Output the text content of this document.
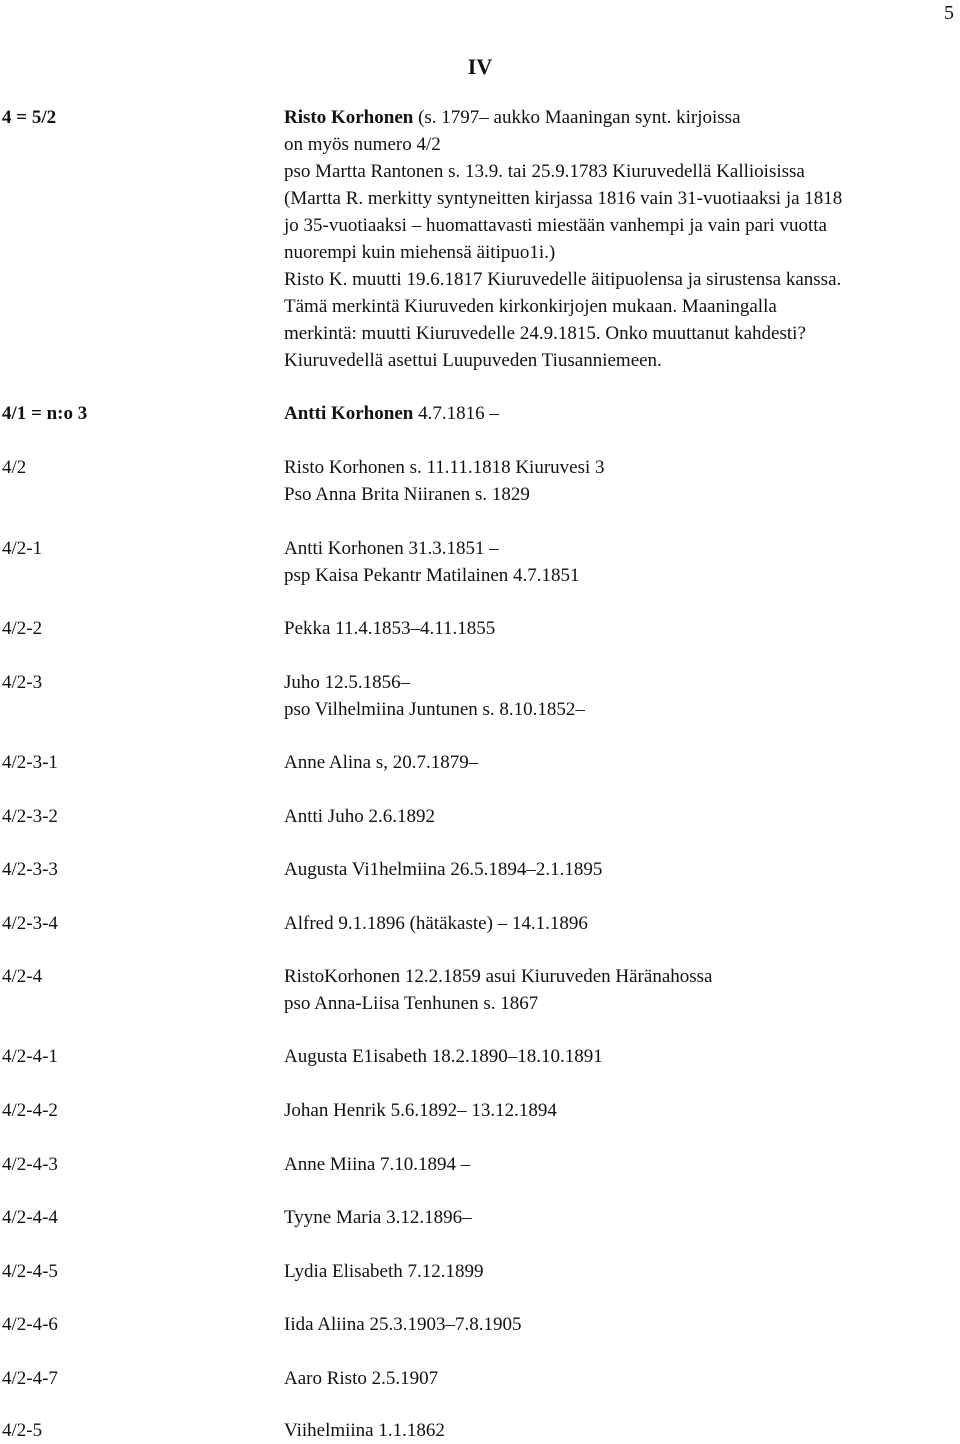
5
IV
4 = 5/2	Risto Korhonen (s. 1797– aukko Maaningan synt. kirjoissa
on myös numero 4/2
pso Martta Rantonen s. 13.9. tai 25.9.1783 Kiuruvedellä Kallioisissa
(Martta R. merkitty syntyneitten kirjassa 1816 vain 31-vuotiaaksi ja 1818
jo 35-vuotiaaksi – huomattavasti miestään vanhempi ja vain pari vuotta
nuorempi kuin miehensä äitipuo1i.)
Risto K. muutti 19.6.1817 Kiuruvedelle äitipuolensa ja sirustensa kanssa.
Tämä merkintä Kiuruveden kirkonkirjojen mukaan. Maaningalla
merkintä: muutti Kiuruvedelle 24.9.1815. Onko muuttanut kahdesti?
Kiuruvedellä asettui Luupuveden Tiusanniemeen.
4/1 = n:o 3	Antti Korhonen 4.7.1816 –
4/2	Risto Korhonen s. 11.11.1818 Kiuruvesi 3
Pso Anna Brita Niiranen s. 1829
4/2-1	Antti Korhonen 31.3.1851 –
psp Kaisa Pekantr Matilainen 4.7.1851
4/2-2	Pekka 11.4.1853–4.11.1855
4/2-3	Juho 12.5.1856–
pso Vilhelmiina Juntunen s. 8.10.1852–
4/2-3-1	Anne Alina s, 20.7.1879–
4/2-3-2	Antti Juho 2.6.1892
4/2-3-3	Augusta Vi1helmiina 26.5.1894–2.1.1895
4/2-3-4	Alfred 9.1.1896 (hätäkaste) – 14.1.1896
4/2-4	RistoKorhonen 12.2.1859 asui Kiuruveden Häränahossa
pso Anna-Liisa Tenhunen s. 1867
4/2-4-1	Augusta E1isabeth 18.2.1890–18.10.1891
4/2-4-2	Johan Henrik 5.6.1892– 13.12.1894
4/2-4-3	Anne Miina 7.10.1894 –
4/2-4-4	Tyyne Maria 3.12.1896–
4/2-4-5	Lydia Elisabeth 7.12.1899
4/2-4-6	Iida Aliina 25.3.1903–7.8.1905
4/2-4-7	Aaro Risto 2.5.1907
4/2-5	Viihelmiina 1.1.1862
